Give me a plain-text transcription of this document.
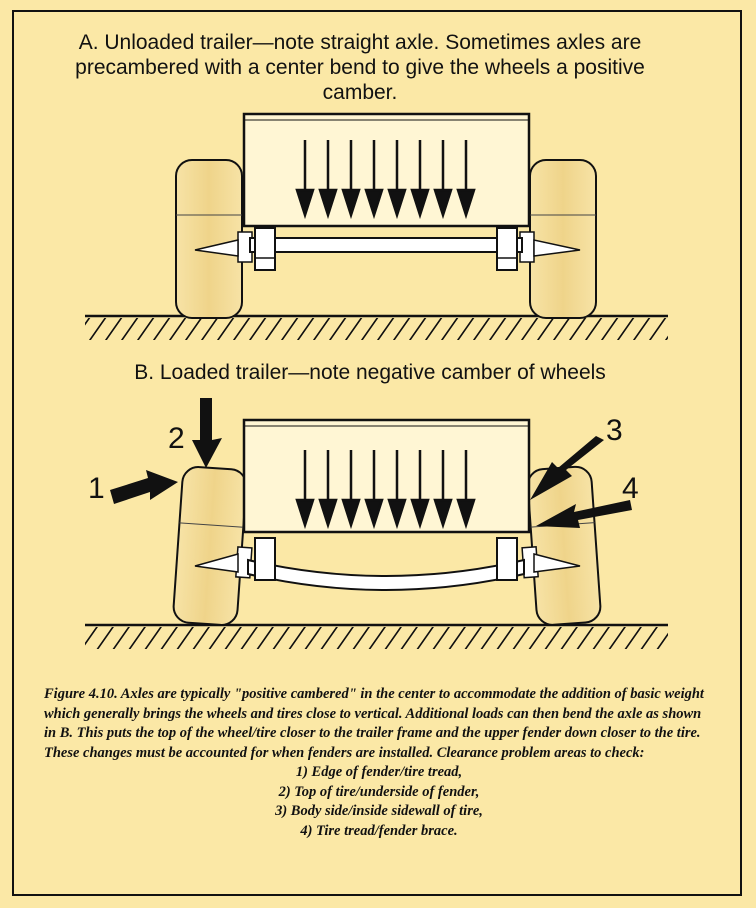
A. Unloaded trailer—note straight axle. Sometimes axles are precambered with a center bend to give the wheels a positive camber.
B. Loaded trailer—note negative camber of wheels
1
2	3
4
Figure 4.10. Axles are typically "positive cambered" in the center to accommodate the addition of basic weight which generally brings the wheels and tires close to vertical. Additional loads can then bend the axle as shown in B. This puts the top of the wheel/tire closer to the trailer frame and the upper fender down closer to the tire. These changes must be accounted for when fenders are installed. Clearance problem areas to check:
1) Edge of fender/tire tread,
2) Top of tire/underside of fender,
3) Body side/inside sidewall of tire,
4) Tire tread/fender brace.
